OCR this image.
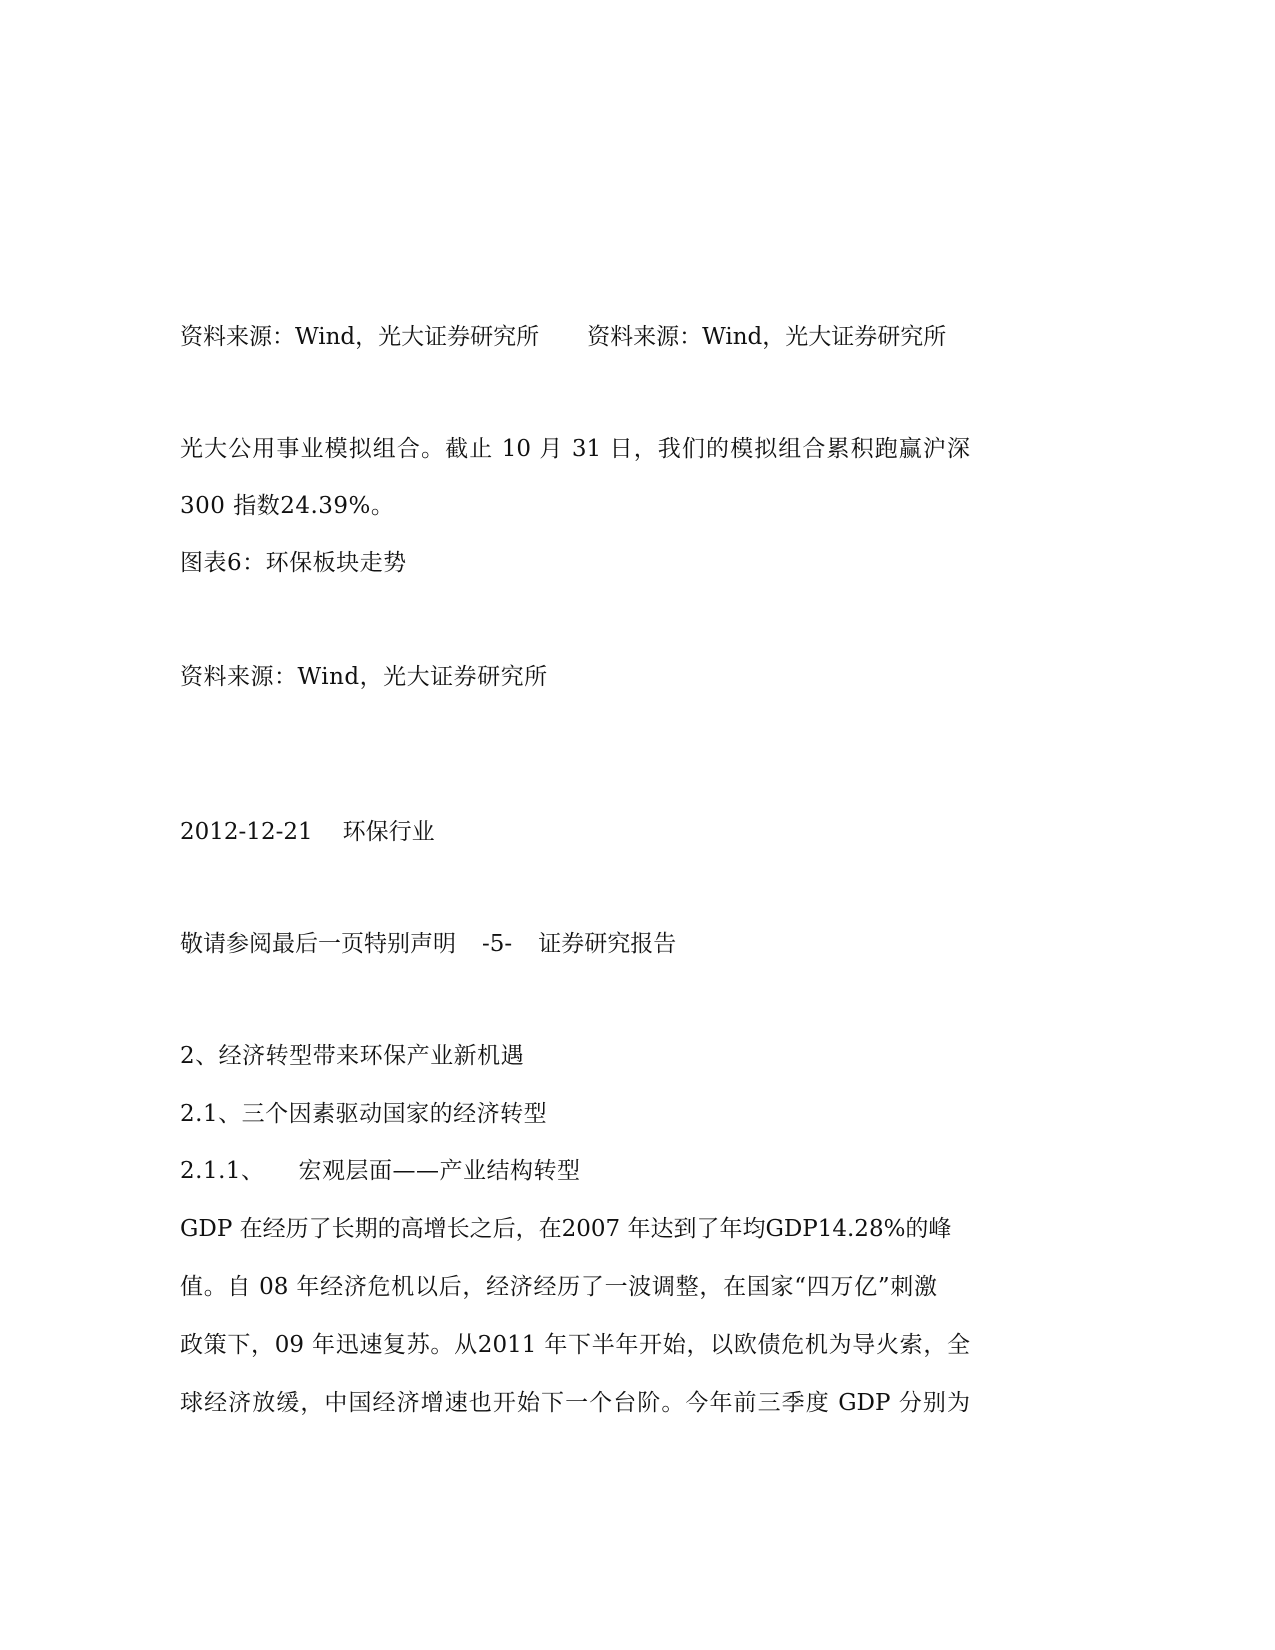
资料来源：Wind，光大证券研究所 资料来源：Wind，光大证券研究所
光大公用事业模拟组合。截止 10 月 31 日，我们的模拟组合累积跑赢沪深
300 指数24.39%。
图表6：环保板块走势
资料来源：Wind，光大证券研究所
2012-12-21 环保行业
敬请参阅最后一页特别声明 -5- 证券研究报告
2、经济转型带来环保产业新机遇
2.1、三个因素驱动国家的经济转型
2.1.1、 宏观层面——产业结构转型
GDP 在经历了长期的高增长之后，在2007 年达到了年均GDP14.28%的峰
值。自 08 年经济危机以后，经济经历了一波调整，在国家“四万亿”刺激
政策下，09 年迅速复苏。从2011 年下半年开始，以欧债危机为导火索，全
球经济放缓，中国经济增速也开始下一个台阶。今年前三季度 GDP 分别为
